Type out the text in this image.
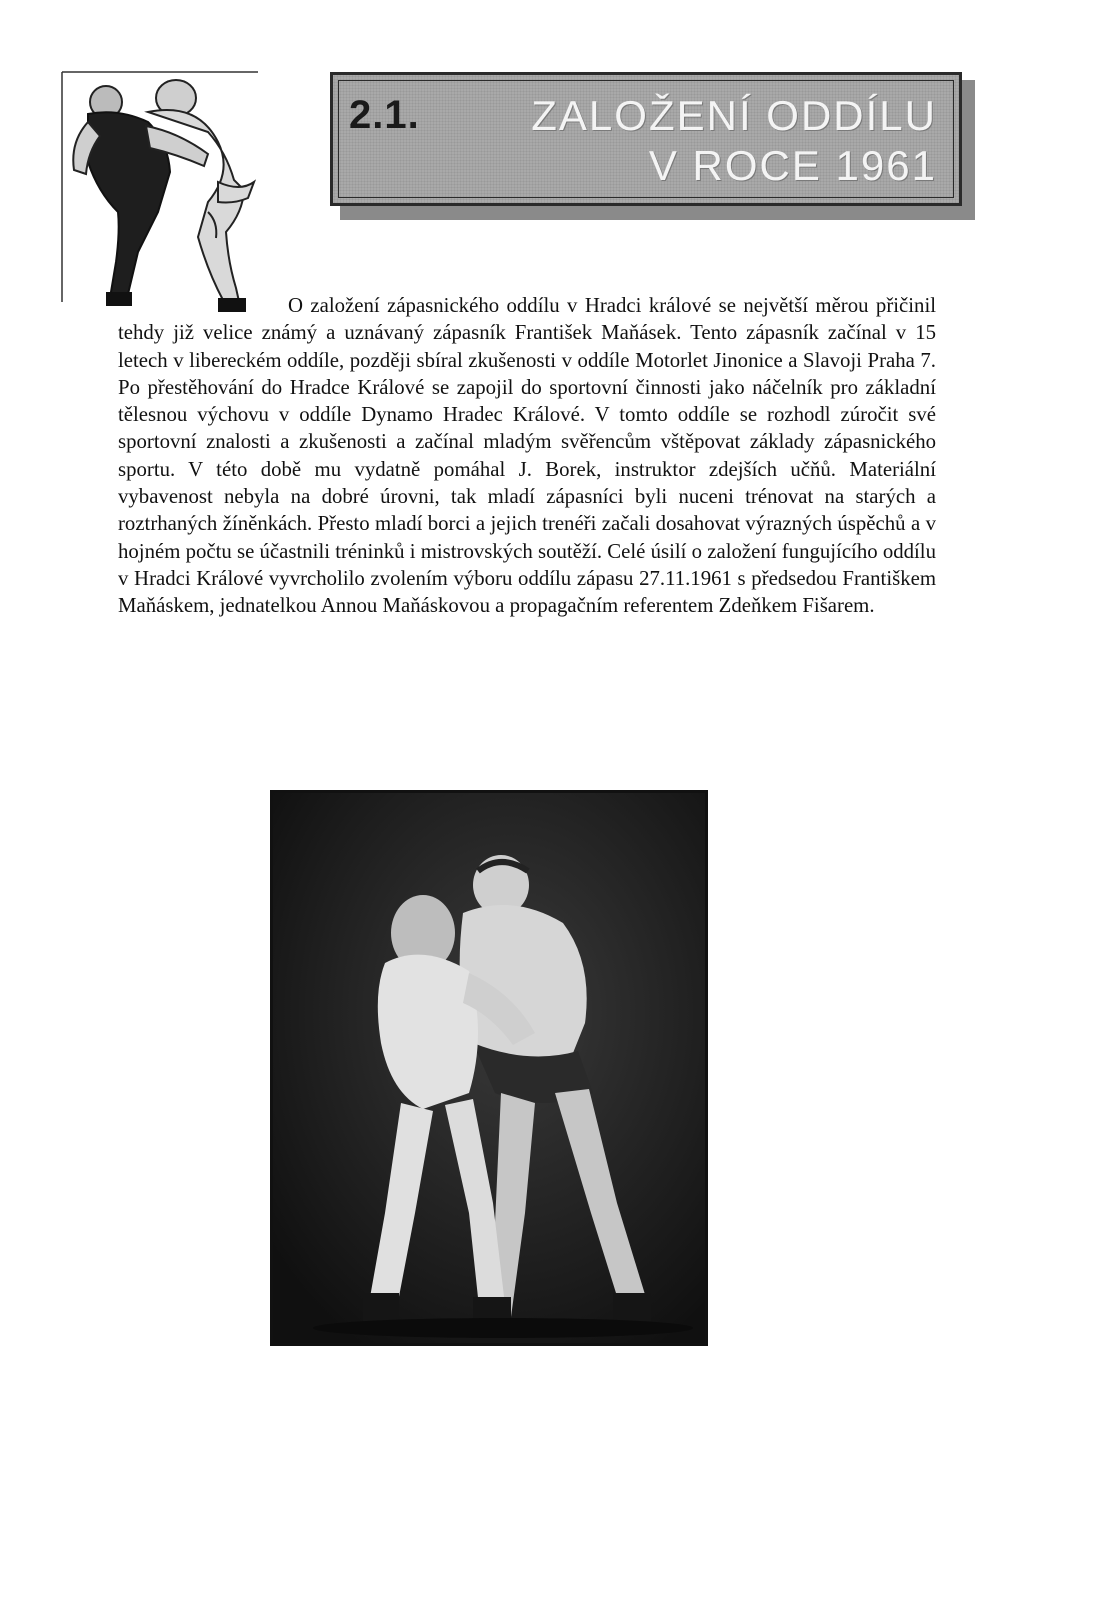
2.1.	ZALOŽENÍ ODDÍLU
V ROCE 1961
O založení zápasnického oddílu v Hradci králové se největší měrou přičinil tehdy již velice známý a uznávaný zápasník František Maňásek. Tento zápasník začínal v 15 letech v libereckém oddíle, později sbíral zkušenosti v oddíle Motorlet Jinonice a Slavoji Praha 7. Po přestěhování do Hradce Králové se zapojil do sportovní činnosti jako náčelník pro základní tělesnou výchovu v oddíle Dynamo Hradec Králové. V tomto oddíle se rozhodl zúročit své sportovní znalosti a zkušenosti a začínal mladým svěřencům vštěpovat základy zápasnického sportu. V této době mu vydatně pomáhal J. Borek, instruktor zdejších učňů. Materiální vybavenost nebyla na dobré úrovni, tak mladí zápasníci byli nuceni trénovat na starých a roztrhaných žíněnkách. Přesto mladí borci a jejich trenéři začali dosahovat výrazných úspěchů a v hojném počtu se účastnili tréninků i mistrovských soutěží. Celé úsilí o založení fungujícího oddílu v Hradci Králové vyvrcholilo zvolením výboru oddílu zápasu 27.11.1961 s předsedou Františkem Maňáskem, jednatelkou Annou Maňáskovou a propagačním referentem Zdeňkem Fišarem.
